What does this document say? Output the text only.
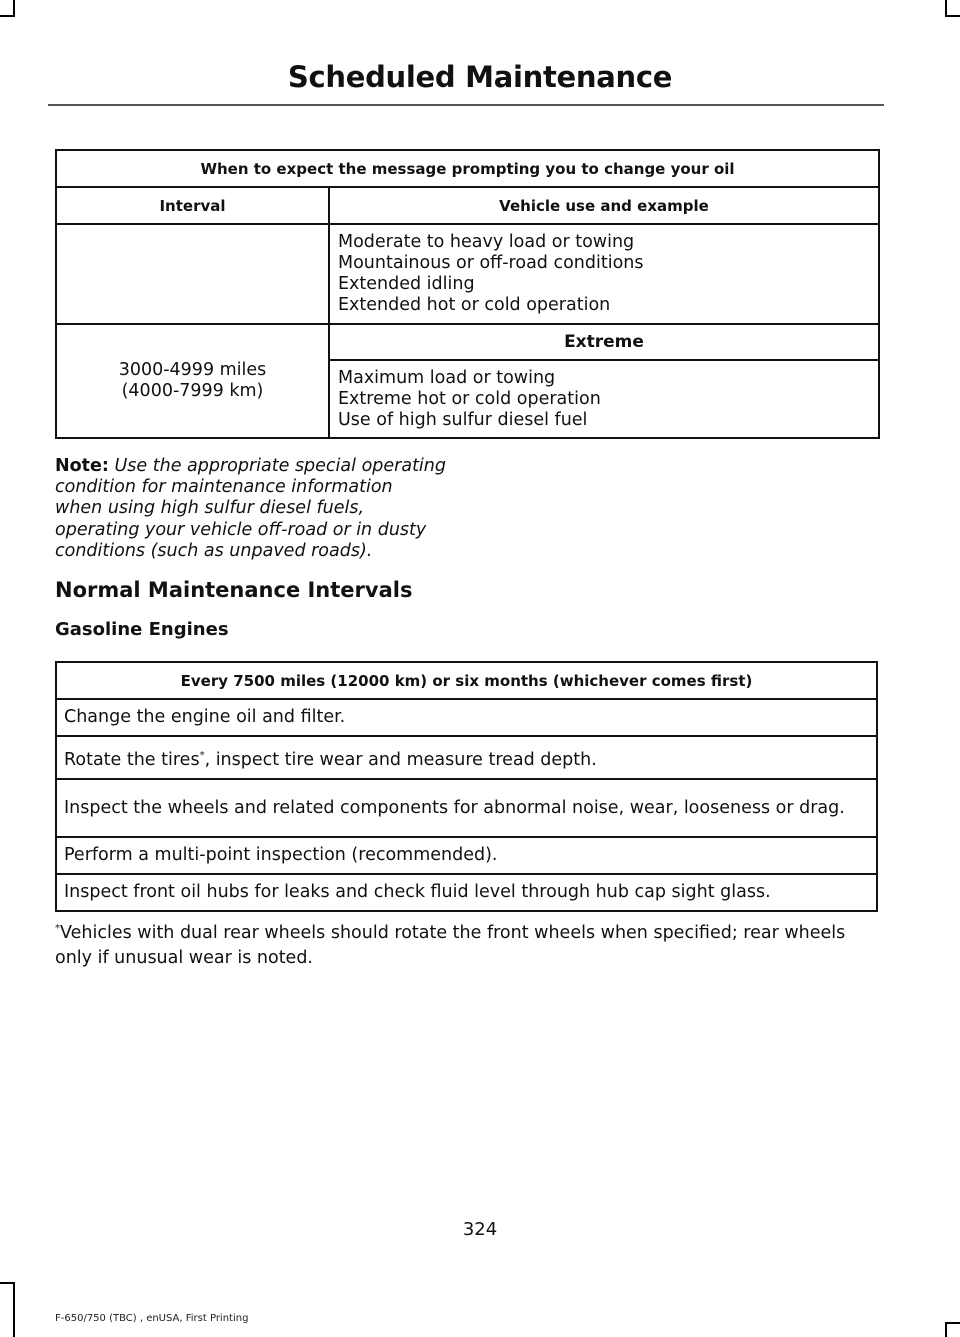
Scheduled Maintenance
When to expect the message prompting you to change your oil	
Interval	Vehicle use and example

	Moderate to heavy load or towing
Mountainous or off-road conditions
Extended idling
Extended hot or cold operation

3000-4999 miles
(4000-7999 km)	Extreme

	Maximum load or towing
Extreme hot or cold operation
Use of high sulfur diesel fuel
Note: Use the appropriate special operating
condition for maintenance information
when using high sulfur diesel fuels,
operating your vehicle off-road or in dusty
conditions (such as unpaved roads).
Normal Maintenance Intervals
Gasoline Engines
Every 7500 miles (12000 km) or six months (whichever comes first)
Change the engine oil and filter.
Rotate the tires*, inspect tire wear and measure tread depth.
Inspect the wheels and related components for abnormal noise, wear, looseness or drag.
Perform a multi-point inspection (recommended).
Inspect front oil hubs for leaks and check fluid level through hub cap sight glass.
*Vehicles with dual rear wheels should rotate the front wheels when specified; rear wheels only if unusual wear is noted.
324
F-650/750 (TBC) , enUSA, First Printing
